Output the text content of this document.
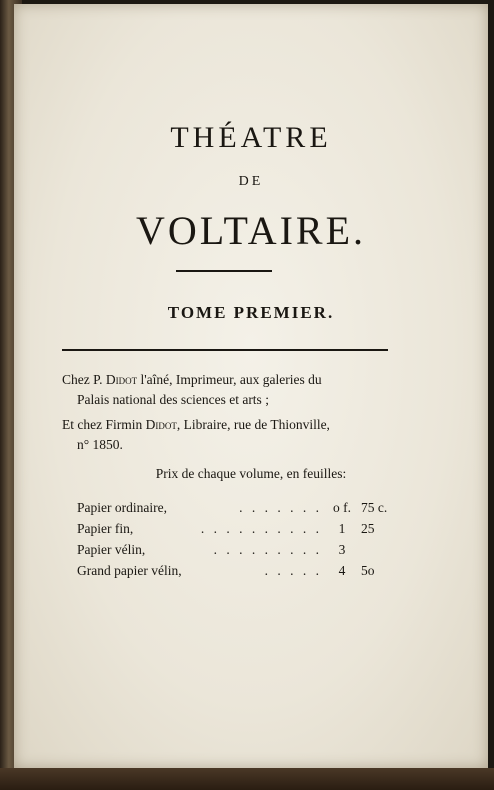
THÉATRE
DE
VOLTAIRE.
TOME PREMIER.
Chez P. Didot l'aîné, Imprimeur, aux galeries du
Palais national des sciences et arts ;
Et chez Firmin Didot, Libraire, rue de Thionville,
n° 1850.
Prix de chaque volume, en feuilles:
Papier ordinaire,	. . . . . . . o f. 75 c.
Papier fin,	. . . . . . . . . .	1	25
Papier vélin,	. . . . . . . . .	3
Grand papier vélin,	. . . . .	4	5o
